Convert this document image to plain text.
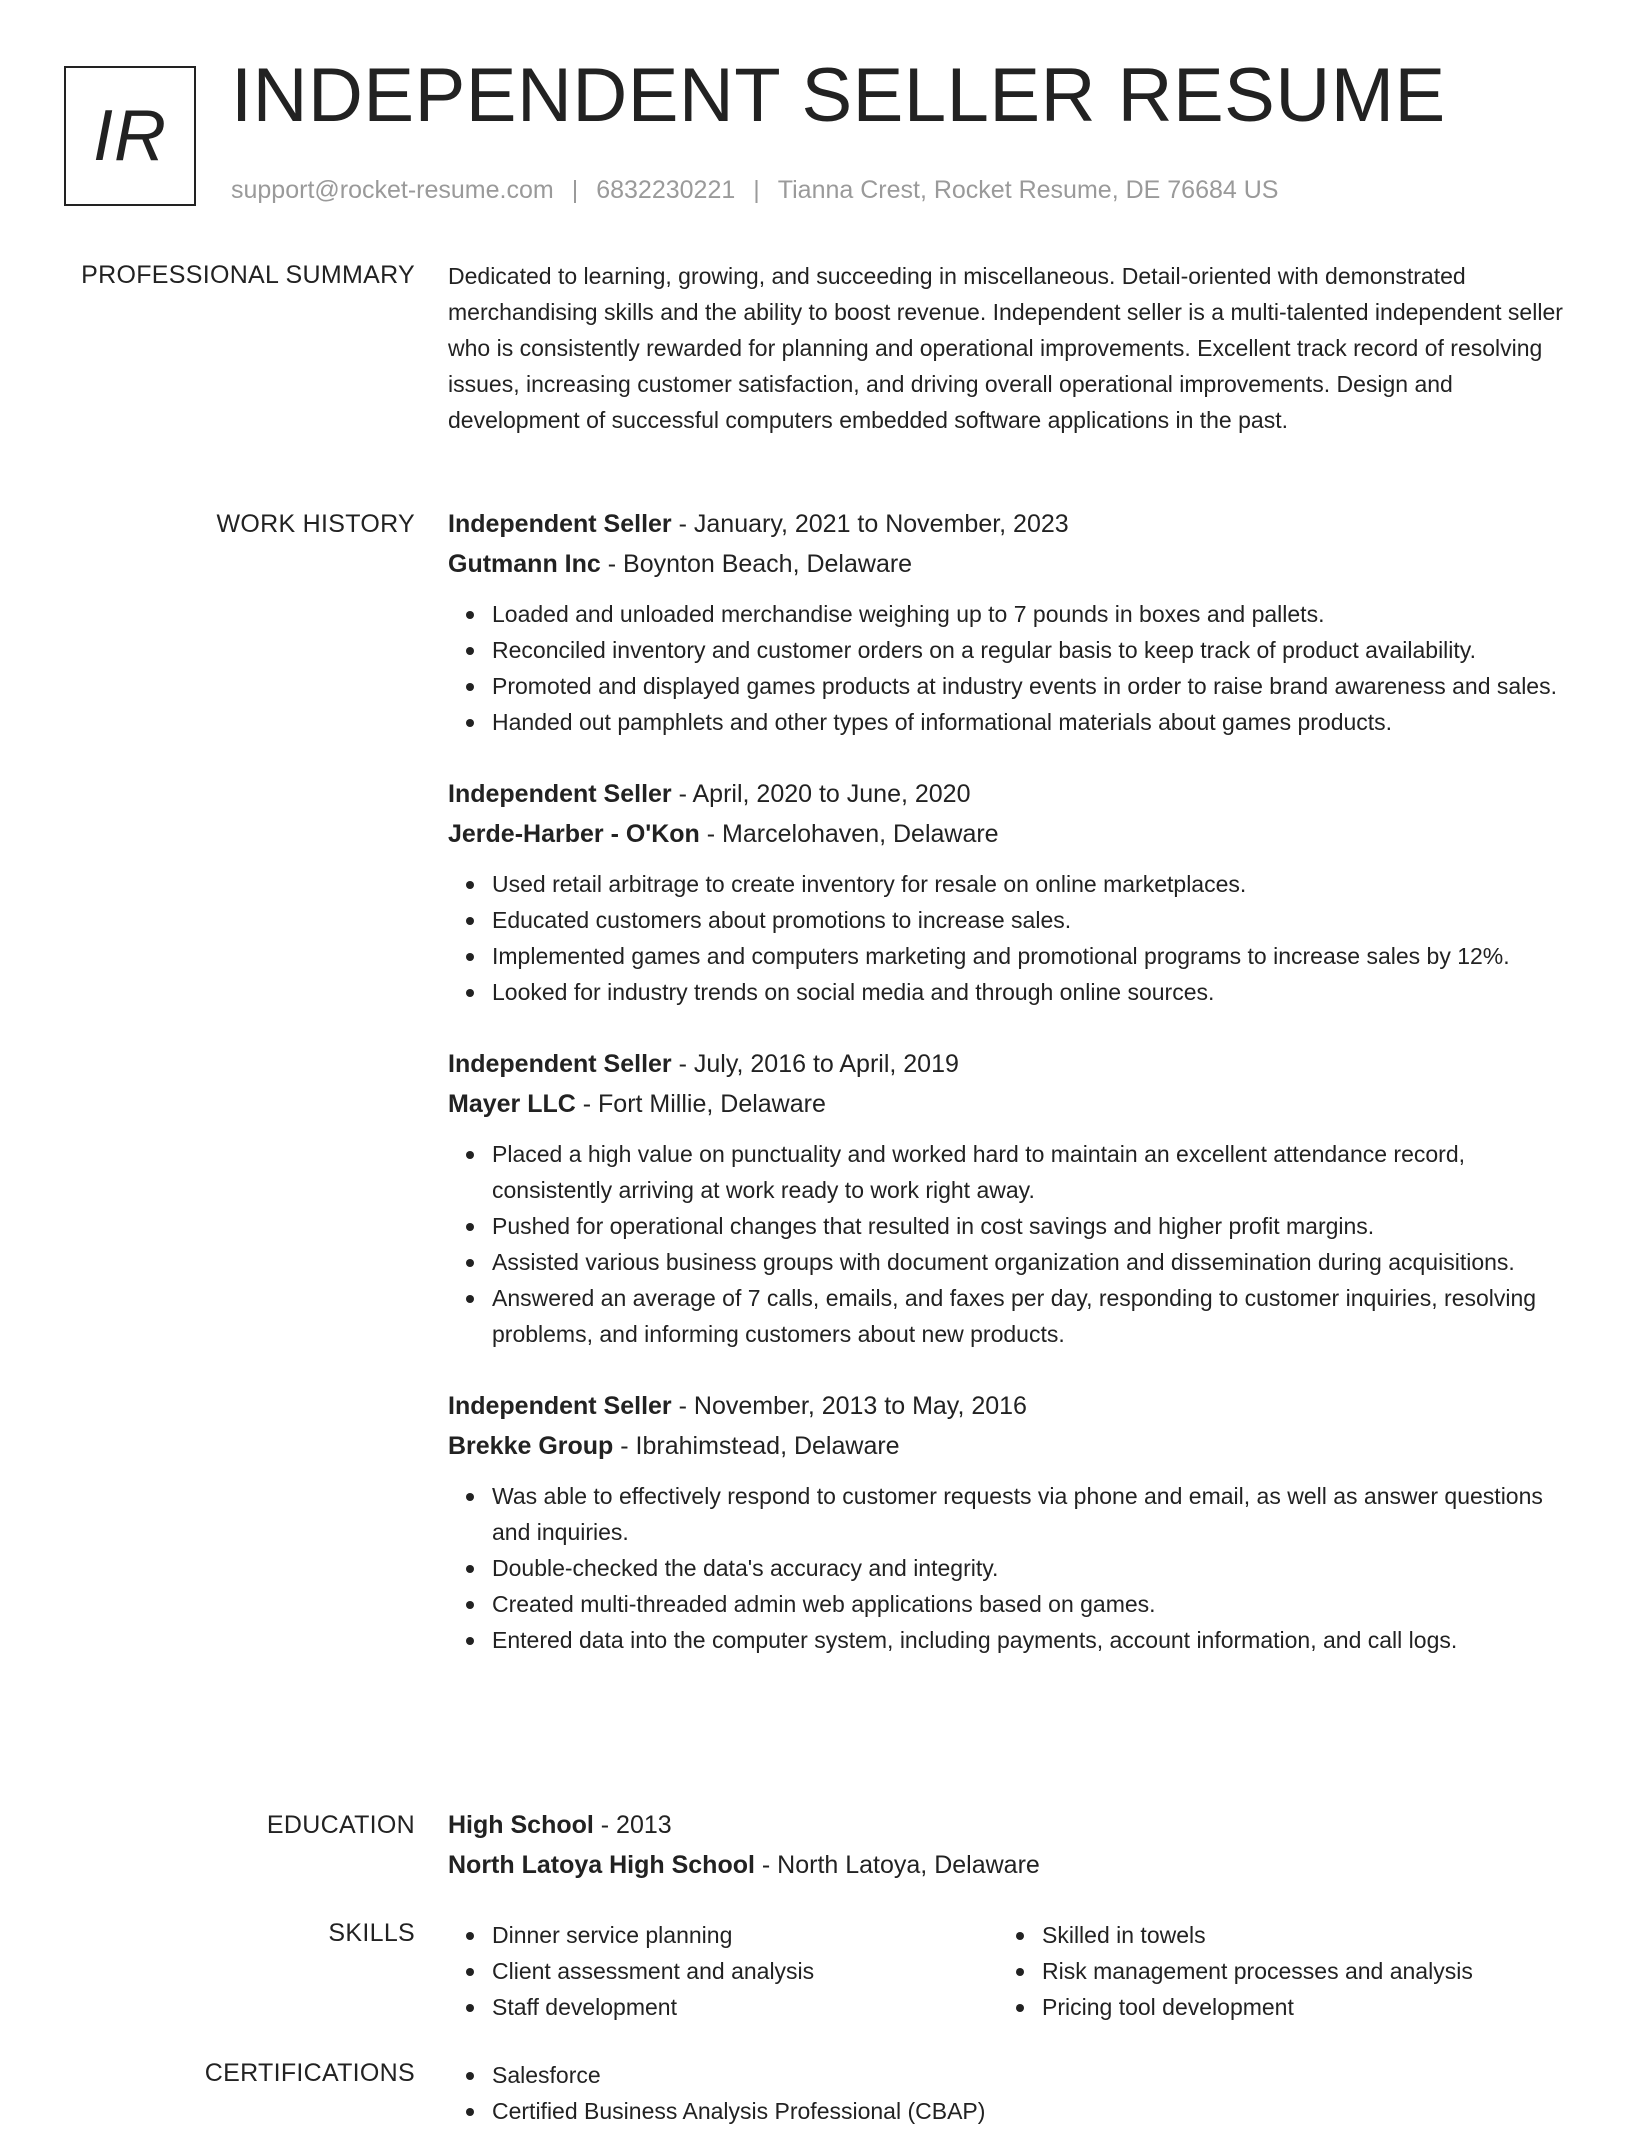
IR INDEPENDENT SELLER RESUME
support@rocket-resume.com | 6832230221 | Tianna Crest, Rocket Resume, DE 76684 US
PROFESSIONAL SUMMARY Dedicated to learning, growing, and succeeding in miscellaneous. Detail-oriented with demonstrated merchandising skills and the ability to boost revenue. Independent seller is a multi-talented independent seller who is consistently rewarded for planning and operational improvements. Excellent track record of resolving issues, increasing customer satisfaction, and driving overall operational improvements. Design and development of successful computers embedded software applications in the past.

WORK HISTORY Independent Seller - January, 2021 to November, 2023
Gutmann Inc - Boynton Beach, Delaware
Loaded and unloaded merchandise weighing up to 7 pounds in boxes and pallets.
Reconciled inventory and customer orders on a regular basis to keep track of product availability.
Promoted and displayed games products at industry events in order to raise brand awareness and sales.
Handed out pamphlets and other types of informational materials about games products.
Independent Seller - April, 2020 to June, 2020
Jerde-Harber - O'Kon - Marcelohaven, Delaware
Used retail arbitrage to create inventory for resale on online marketplaces.
Educated customers about promotions to increase sales.
Implemented games and computers marketing and promotional programs to increase sales by 12%.
Looked for industry trends on social media and through online sources.
Independent Seller - July, 2016 to April, 2019
Mayer LLC - Fort Millie, Delaware
Placed a high value on punctuality and worked hard to maintain an excellent attendance record, consistently arriving at work ready to work right away.
Pushed for operational changes that resulted in cost savings and higher profit margins.
Assisted various business groups with document organization and dissemination during acquisitions.
Answered an average of 7 calls, emails, and faxes per day, responding to customer inquiries, resolving problems, and informing customers about new products.
Independent Seller - November, 2013 to May, 2016
Brekke Group - Ibrahimstead, Delaware
Was able to effectively respond to customer requests via phone and email, as well as answer questions and inquiries.
Double-checked the data's accuracy and integrity.
Created multi-threaded admin web applications based on games.
Entered data into the computer system, including payments, account information, and call logs.
EDUCATION High School - 2013
North Latoya High School - North Latoya, Delaware
SKILLS	Dinner service planning
Client assessment and analysis
Staff development
Skilled in towels
Risk management processes and analysis
Pricing tool development
CERTIFICATIONS	Salesforce
Certified Business Analysis Professional (CBAP)
